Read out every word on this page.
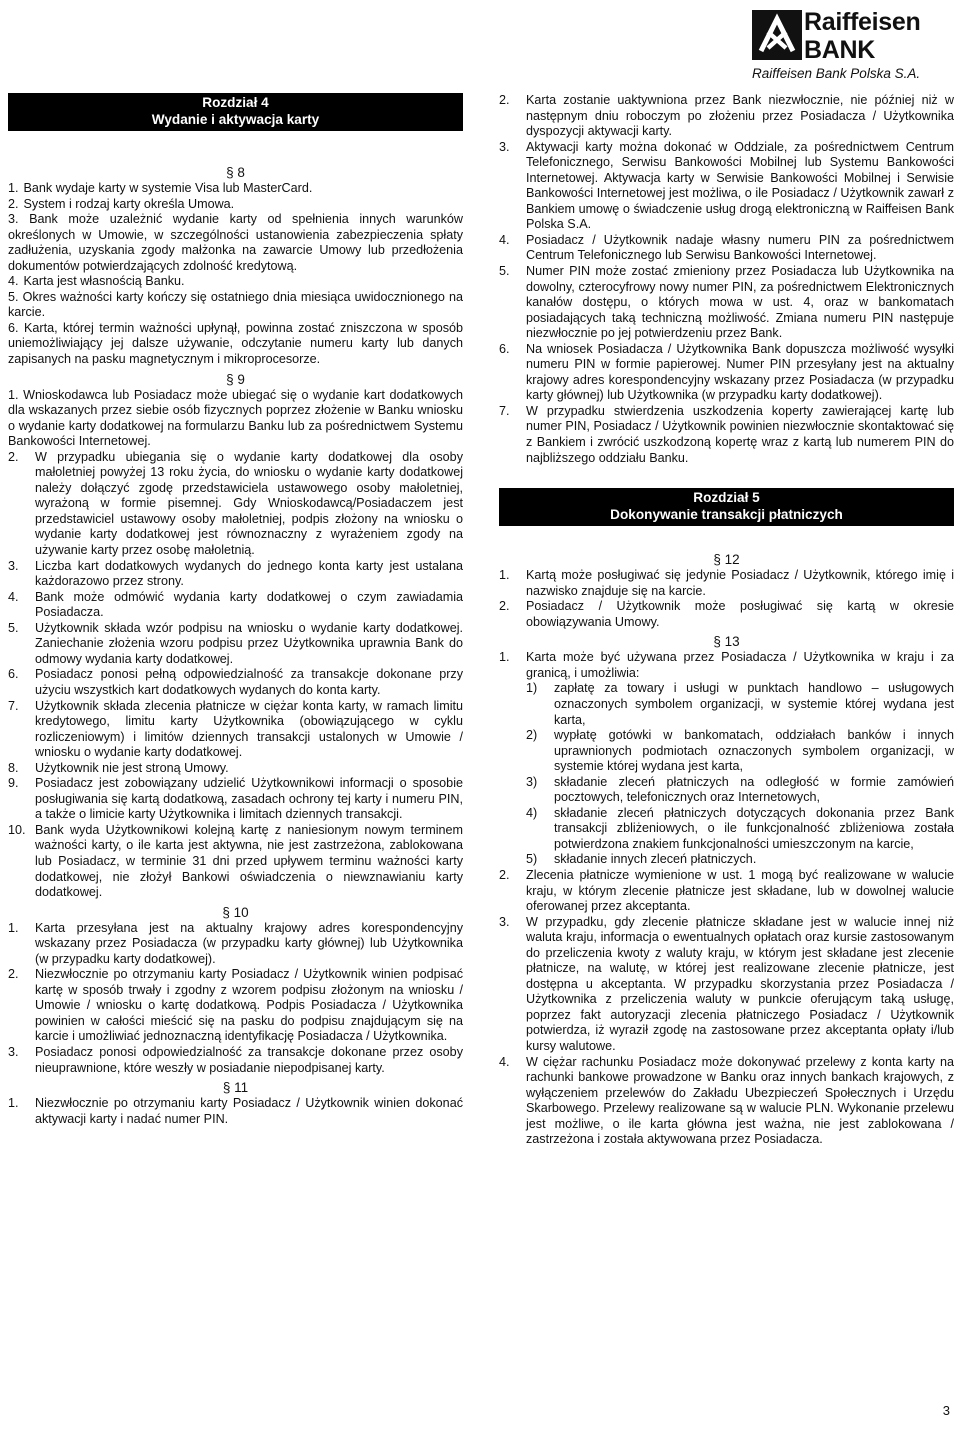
Raiffeisen
BANK
Raiffeisen Bank Polska S.A.
Rozdział 4
Wydanie i aktywacja karty
§ 8
1. Bank wydaje karty w systemie Visa lub MasterCard.
2. System i rodzaj karty określa Umowa.
3. Bank może uzależnić wydanie karty od spełnienia innych warunków określonych w Umowie, w szczególności ustanowienia zabezpieczenia spłaty zadłużenia, uzyskania zgody małżonka na zawarcie Umowy lub przedłożenia dokumentów potwierdzających zdolność kredytową.
4. Karta jest własnością Banku.
5. Okres ważności karty kończy się ostatniego dnia miesiąca uwidocznionego na karcie.
6. Karta, której termin ważności upłynął, powinna zostać zniszczona w sposób uniemożliwiający jej dalsze używanie, odczytanie numeru karty lub danych zapisanych na pasku magnetycznym i mikroprocesorze.
§ 9
1. Wnioskodawca lub Posiadacz może ubiegać się o wydanie kart dodatkowych dla wskazanych przez siebie osób fizycznych poprzez złożenie w Banku wniosku o wydanie karty dodatkowej na formularzu Banku lub za pośrednictwem Systemu Bankowości Internetowej.
2.	W przypadku ubiegania się o wydanie karty dodatkowej dla osoby małoletniej powyżej 13 roku życia, do wniosku o wydanie karty dodatkowej należy dołączyć zgodę przedstawiciela ustawowego osoby małoletniej, wyrażoną w formie pisemnej. Gdy Wnioskodawcą/Posiadaczem jest przedstawiciel ustawowy osoby małoletniej, podpis złożony na wniosku o wydanie karty dodatkowej jest równoznaczny z wyrażeniem zgody na używanie karty przez osobę małoletnią.
3.	Liczba kart dodatkowych wydanych do jednego konta karty jest ustalana każdorazowo przez strony.
4.	Bank może odmówić wydania karty dodatkowej o czym zawiadamia Posiadacza.
5.	Użytkownik składa wzór podpisu na wniosku o wydanie karty dodatkowej. Zaniechanie złożenia wzoru podpisu przez Użytkownika uprawnia Bank do odmowy wydania karty dodatkowej.
6.	Posiadacz ponosi pełną odpowiedzialność za transakcje dokonane przy użyciu wszystkich kart dodatkowych wydanych do konta karty.
7.	Użytkownik składa zlecenia płatnicze w ciężar konta karty, w ramach limitu kredytowego, limitu karty Użytkownika (obowiązującego w cyklu rozliczeniowym) i limitów dziennych transakcji ustalonych w Umowie / wniosku o wydanie karty dodatkowej.
8.	Użytkownik nie jest stroną Umowy.
9.	Posiadacz jest zobowiązany udzielić Użytkownikowi informacji o sposobie posługiwania się kartą dodatkową, zasadach ochrony tej karty i numeru PIN, a także o limicie karty Użytkownika i limitach dziennych transakcji.
10. Bank wyda Użytkownikowi kolejną kartę z naniesionym nowym terminem ważności karty, o ile karta jest aktywna, nie jest zastrzeżona, zablokowana lub Posiadacz, w terminie 31 dni przed upływem terminu ważności karty dodatkowej, nie złożył Bankowi oświadczenia o niewznawianiu karty dodatkowej.
§ 10
1.	Karta przesyłana jest na aktualny krajowy adres korespondencyjny wskazany przez Posiadacza (w przypadku karty głównej) lub Użytkownika (w przypadku karty dodatkowej).
2.	Niezwłocznie po otrzymaniu karty Posiadacz / Użytkownik winien podpisać kartę w sposób trwały i zgodny z wzorem podpisu złożonym na wniosku / Umowie / wniosku o kartę dodatkową. Podpis Posiadacza / Użytkownika powinien w całości mieścić się na pasku do podpisu znajdującym się na karcie i umożliwiać jednoznaczną identyfikację Posiadacza / Użytkownika.
3.	Posiadacz ponosi odpowiedzialność za transakcje dokonane przez osoby nieuprawnione, które weszły w posiadanie niepodpisanej karty.
§ 11
1.	Niezwłocznie po otrzymaniu karty Posiadacz / Użytkownik winien dokonać aktywacji karty i nadać numer PIN.
2.	Karta zostanie uaktywniona przez Bank niezwłocznie, nie później niż w następnym dniu roboczym po złożeniu przez Posiadacza / Użytkownika dyspozycji aktywacji karty.
3.	Aktywacji karty można dokonać w Oddziale, za pośrednictwem Centrum Telefonicznego, Serwisu Bankowości Mobilnej lub Systemu Bankowości Internetowej. Aktywacja karty w Serwisie Bankowości Mobilnej i Serwisie Bankowości Internetowej jest możliwa, o ile Posiadacz / Użytkownik zawarł z Bankiem umowę o świadczenie usług drogą elektroniczną w Raiffeisen Bank Polska S.A.
4.	Posiadacz / Użytkownik nadaje własny numeru PIN za pośrednictwem Centrum Telefonicznego lub Serwisu Bankowości Internetowej.
5.	Numer PIN może zostać zmieniony przez Posiadacza lub Użytkownika na dowolny, czterocyfrowy nowy numer PIN, za pośrednictwem Elektronicznych kanałów dostępu, o których mowa w ust. 4, oraz w bankomatach posiadających taką techniczną możliwość. Zmiana numeru PIN następuje niezwłocznie po jej potwierdzeniu przez Bank.
6.	Na wniosek Posiadacza / Użytkownika Bank dopuszcza możliwość wysyłki numeru PIN w formie papierowej. Numer PIN przesyłany jest na aktualny krajowy adres korespondencyjny wskazany przez Posiadacza (w przypadku karty głównej) lub Użytkownika (w przypadku karty dodatkowej).
7.	W przypadku stwierdzenia uszkodzenia koperty zawierającej kartę lub numer PIN, Posiadacz / Użytkownik powinien niezwłocznie skontaktować się z Bankiem i zwrócić uszkodzoną kopertę wraz z kartą lub numerem PIN do najbliższego oddziału Banku.
Rozdział 5
Dokonywanie transakcji płatniczych
§ 12
1.	Kartą może posługiwać się jedynie Posiadacz / Użytkownik, którego imię i nazwisko znajduje się na karcie.
2.	Posiadacz / Użytkownik może posługiwać się kartą w okresie obowiązywania Umowy.
§ 13
1.	Karta może być używana przez Posiadacza / Użytkownika w kraju i za granicą, i umożliwia:
1)	zapłatę za towary i usługi w punktach handlowo – usługowych oznaczonych symbolem organizacji, w systemie której wydana jest karta,
2)	wypłatę gotówki w bankomatach, oddziałach banków i innych uprawnionych podmiotach oznaczonych symbolem organizacji, w systemie której wydana jest karta,
3)	składanie zleceń płatniczych na odległość w formie zamówień pocztowych, telefonicznych oraz Internetowych,
4)	składanie zleceń płatniczych dotyczących dokonania przez Bank transakcji zbliżeniowych, o ile funkcjonalność zbliżeniowa została potwierdzona znakiem funkcjonalności umieszczonym na karcie,
5)	składanie innych zleceń płatniczych.
2.	Zlecenia płatnicze wymienione w ust. 1 mogą być realizowane w walucie kraju, w którym zlecenie płatnicze jest składane, lub w dowolnej walucie oferowanej przez akceptanta.
3.	W przypadku, gdy zlecenie płatnicze składane jest w walucie innej niż waluta kraju, informacja o ewentualnych opłatach oraz kursie zastosowanym do przeliczenia kwoty z waluty kraju, w którym jest składane jest zlecenie płatnicze, na walutę, w której jest realizowane zlecenie płatnicze, jest dostępna u akceptanta. W przypadku skorzystania przez Posiadacza / Użytkownika z przeliczenia waluty w punkcie oferującym taką usługę, poprzez fakt autoryzacji zlecenia płatniczego Posiadacz / Użytkownik potwierdza, iż wyraził zgodę na zastosowane przez akceptanta opłaty i/lub kursy walutowe.
4.	W ciężar rachunku Posiadacz może dokonywać przelewy z konta karty na rachunki bankowe prowadzone w Banku oraz innych bankach krajowych, z wyłączeniem przelewów do Zakładu Ubezpieczeń Społecznych i Urzędu Skarbowego. Przelewy realizowane są w walucie PLN. Wykonanie przelewu jest możliwe, o ile karta główna jest ważna, nie jest zablokowana / zastrzeżona i została aktywowana przez Posiadacza.
3
